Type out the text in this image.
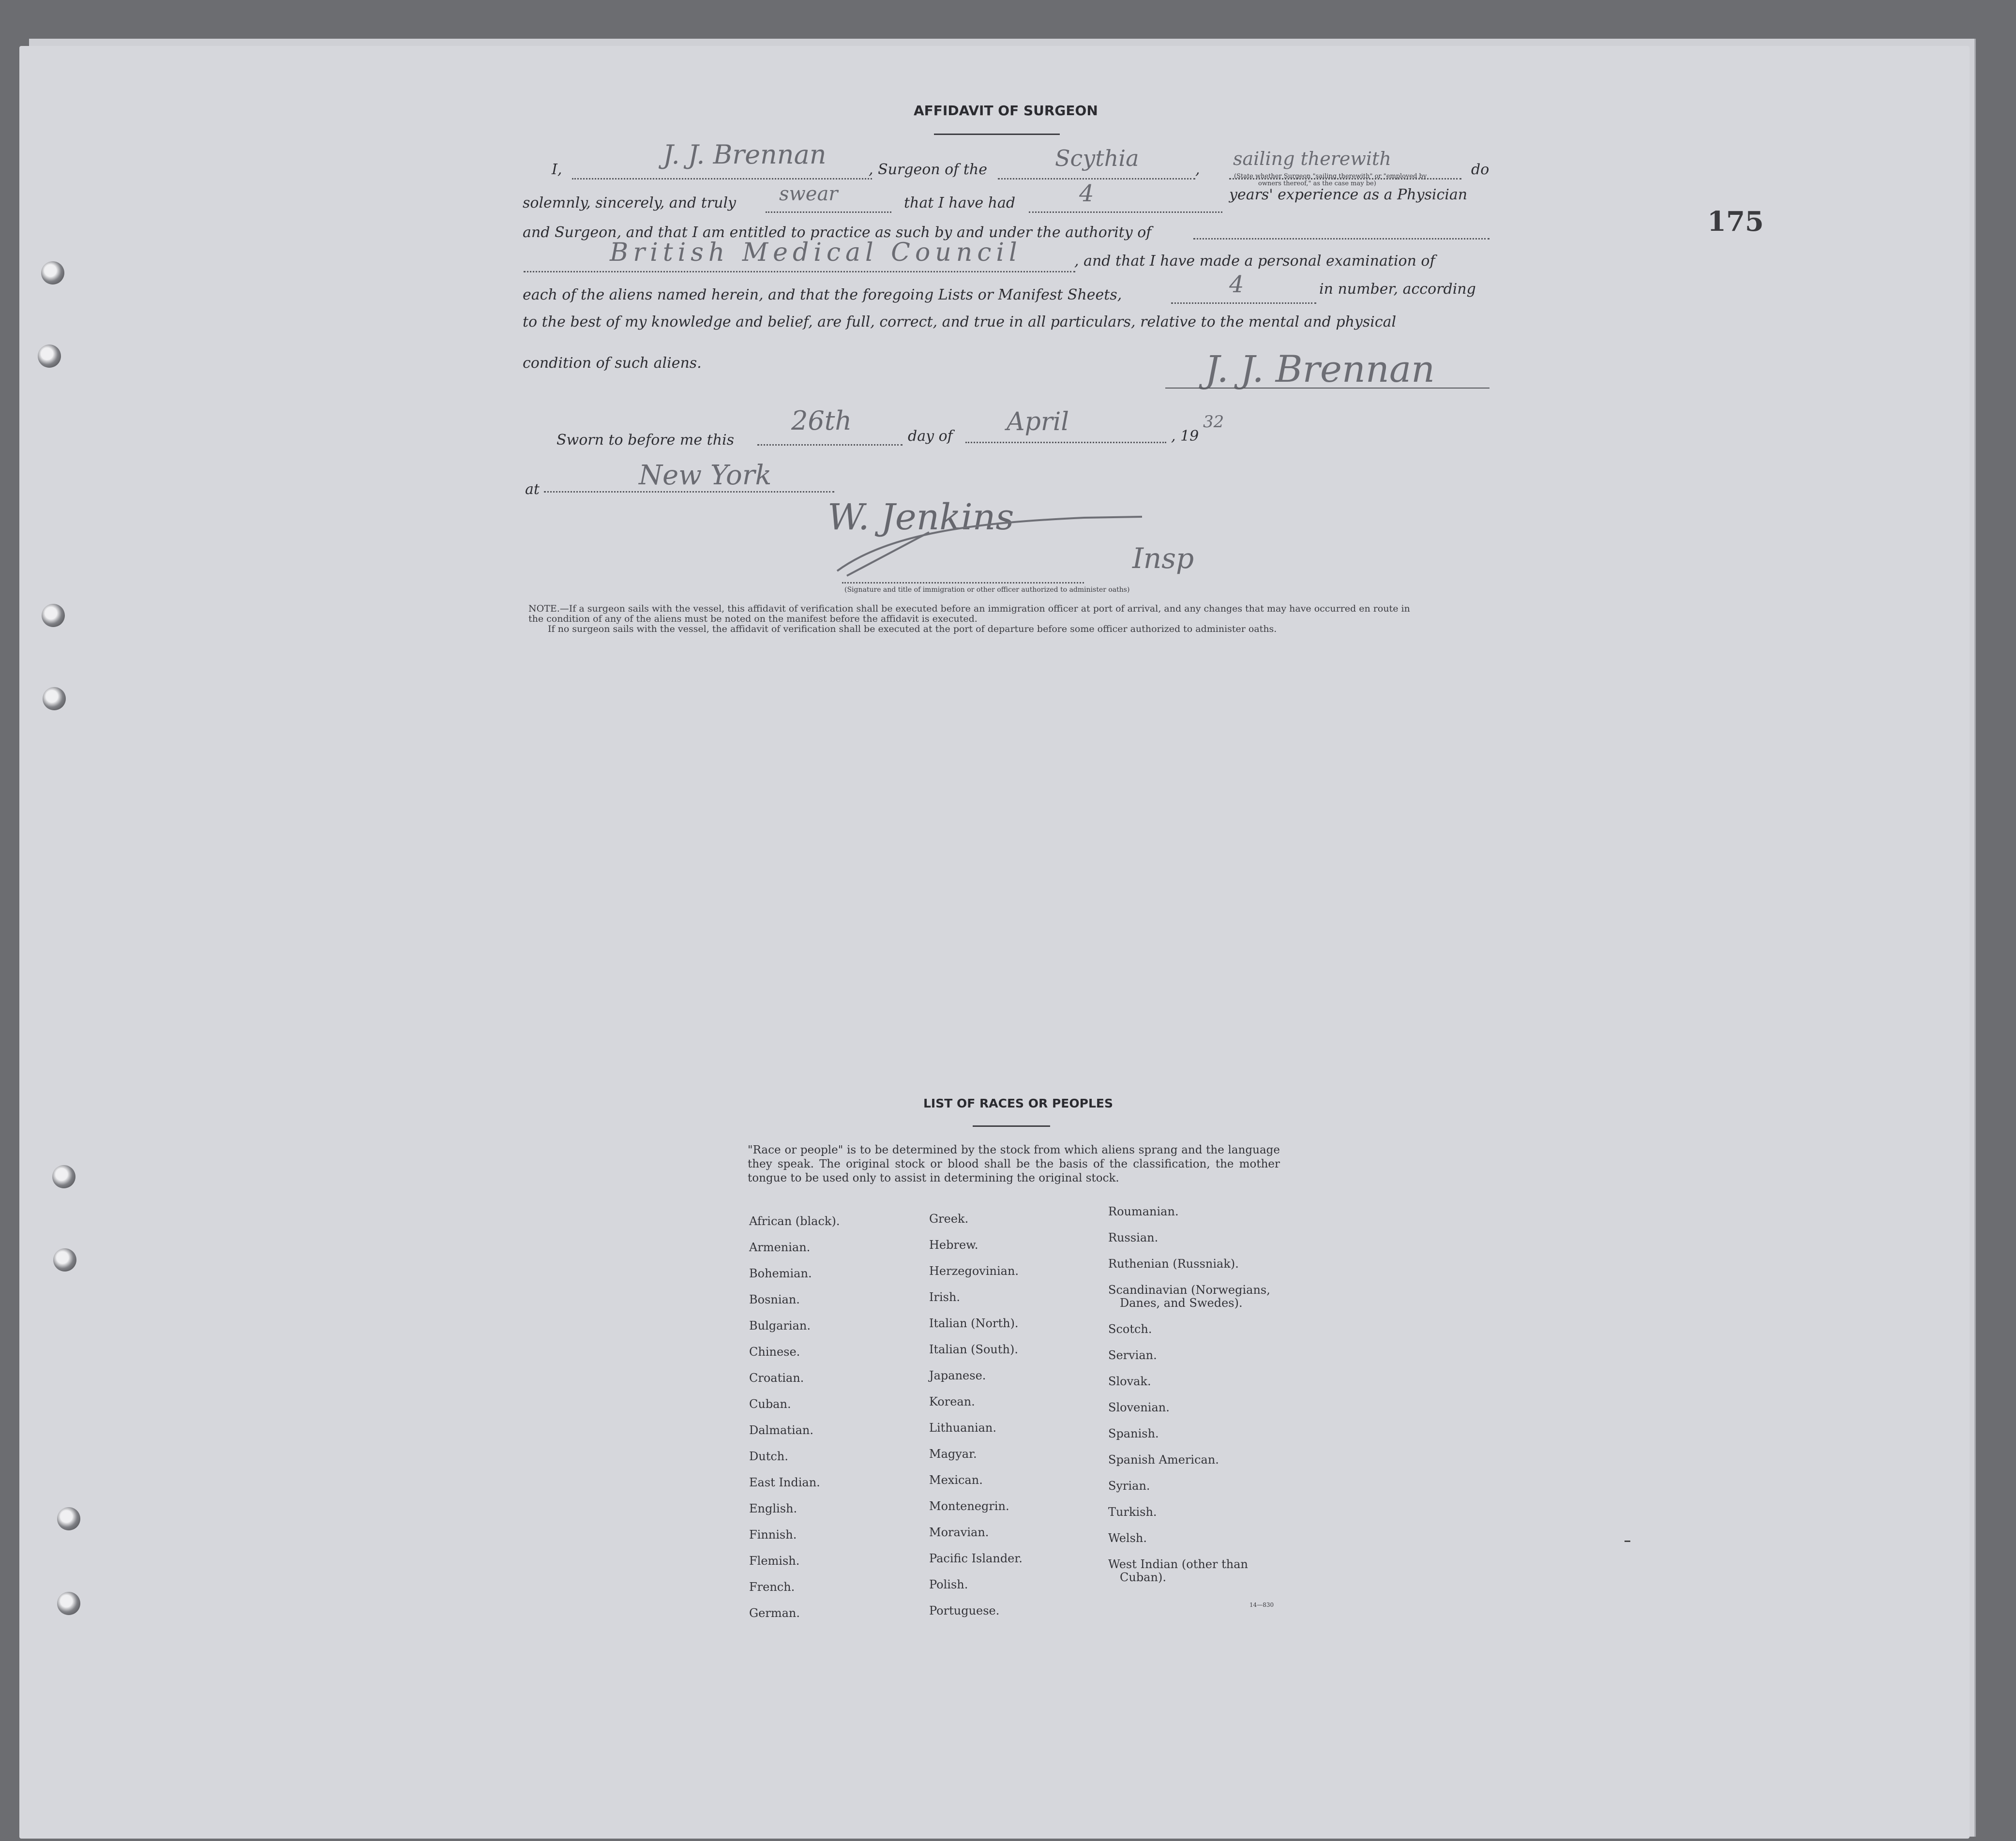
175
AFFIDAVIT OF SURGEON
I,	J. J. Brennan	, Surgeon of the	Scythia	,
sailing therewith
do
(State whether Surgeon "sailing therewith" or "employed by
owners thereof," as the case may be)
solemnly, sincerely, and truly swear	that I have had	4	years' experience as a Physician
and Surgeon, and that I am entitled to practice as such by and under the authority of
British Medical Council	, and that I have made a personal examination of
each of the aliens named herein, and that the foregoing Lists or Manifest Sheets,	4	in number, according
to the best of my knowledge and belief, are full, correct, and true in all particulars, relative to the mental and physical
condition of such aliens.	J. J. Brennan
Sworn to before me this
26th
day of April	, 19
32
at	New York
W. Jenkins
Insp
(Signature and title of immigration or other officer authorized to administer oaths)

NOTE.—If a surgeon sails with the vessel, this affidavit of verification shall be executed before an immigration officer at port of arrival, and any changes that may have occurred en route in

the condition of any of the aliens must be noted on the manifest before the affidavit is executed.

If no surgeon sails with the vessel, the affidavit of verification shall be executed at the port of departure before some officer authorized to administer oaths.

LIST OF RACES OR PEOPLES
"Race or people" is to be determined by the stock from which aliens sprang and the language they speak. The original stock or blood shall be the basis of the classification, the mother tongue to be used only to assist in determining the original stock.
African (black).
Armenian.
Bohemian.
Bosnian.
Bulgarian.
Chinese.
Croatian.
Cuban.
Dalmatian.
Dutch.
East Indian.
English.
Finnish.
Flemish.
French.
German.
Greek.
Hebrew.
Herzegovinian.
Irish.
Italian (North).
Italian (South).
Japanese.
Korean.
Lithuanian.
Magyar.
Mexican.
Montenegrin.
Moravian.
Pacific Islander.
Polish.
Portuguese.
Roumanian.
Russian.
Ruthenian (Russniak).
Scandinavian (Norwegians,
Danes, and Swedes).
Scotch.
Servian.
Slovak.
Slovenian.
Spanish.
Spanish American.
Syrian.
Turkish.
Welsh.
West Indian (other than
Cuban).
14—830
